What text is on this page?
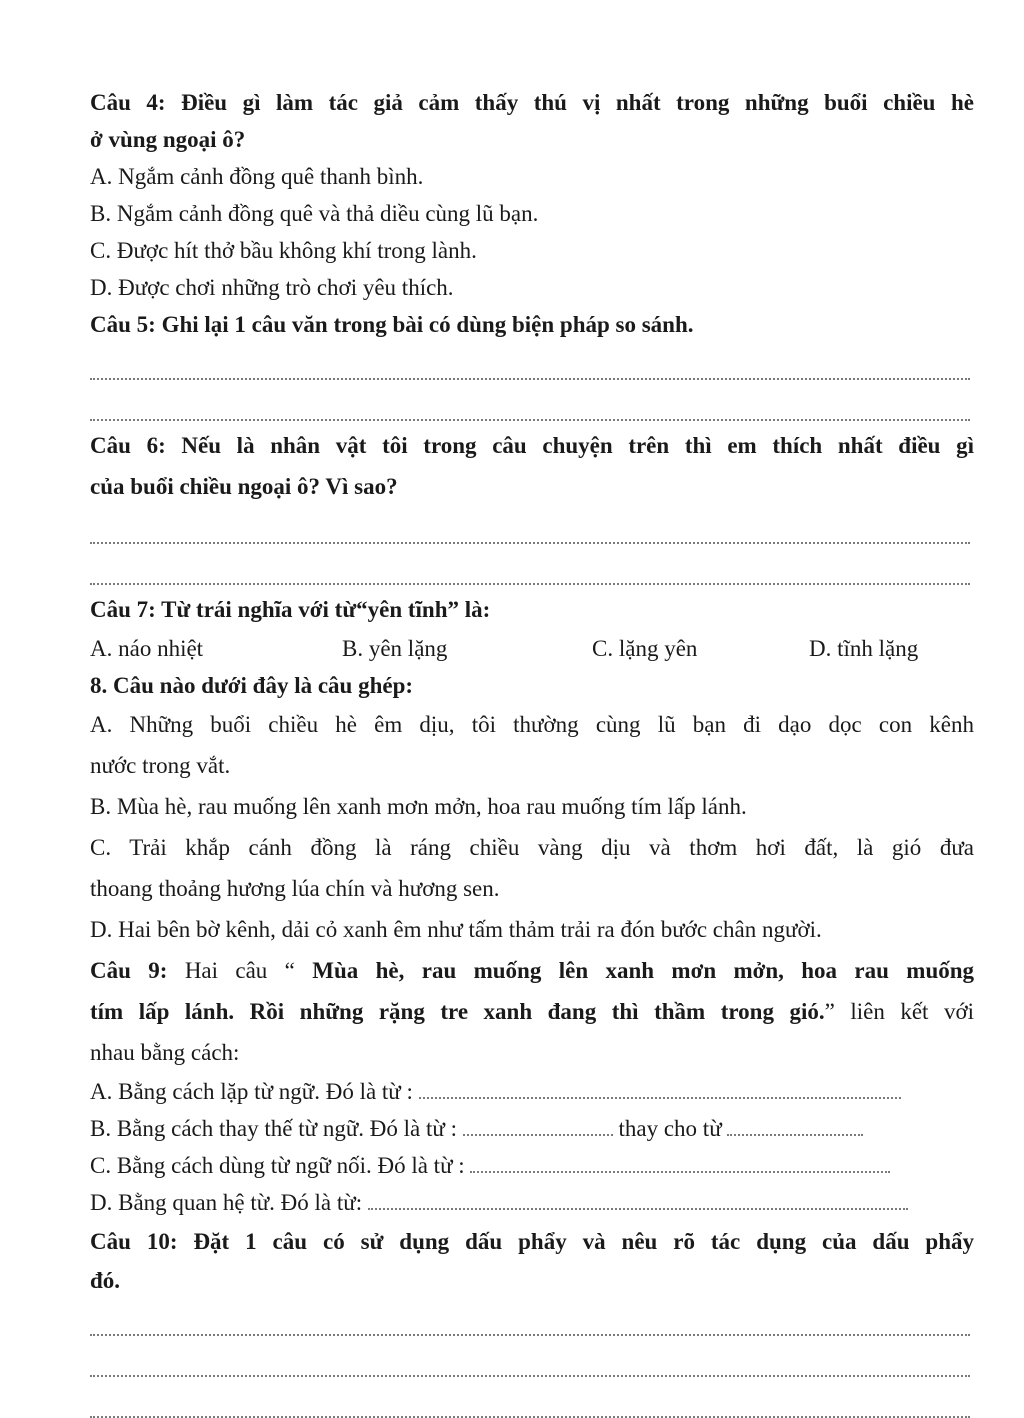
Câu 4: Điều gì làm tác giả cảm thấy thú vị nhất trong những buổi chiều hè
ở vùng ngoại ô?
A. Ngắm cảnh đồng quê thanh bình.
B. Ngắm cảnh đồng quê và thả diều cùng lũ bạn.
C. Được hít thở bầu không khí trong lành.
D. Được chơi những trò chơi yêu thích.
Câu 5: Ghi lại 1 câu văn trong bài có dùng biện pháp so sánh.
Câu 6: Nếu là nhân vật tôi trong câu chuyện trên thì em thích nhất điều gì
của buổi chiều ngoại ô? Vì sao?
Câu 7: Từ trái nghĩa với từ“yên tĩnh” là:
A. náo nhiệt	B. yên lặng	C. lặng yên	D. tĩnh lặng
8. Câu nào dưới đây là câu ghép:
A. Những buổi chiều hè êm dịu, tôi thường cùng lũ bạn đi dạo dọc con kênh
nước trong vắt.
B. Mùa hè, rau muống lên xanh mơn mởn, hoa rau muống tím lấp lánh.
C. Trải khắp cánh đồng là ráng chiều vàng dịu và thơm hơi đất, là gió đưa
thoang thoảng hương lúa chín và hương sen.
D. Hai bên bờ kênh, dải cỏ xanh êm như tấm thảm trải ra đón bước chân người.
Câu 9: Hai câu “ Mùa hè, rau muống lên xanh mơn mởn, hoa rau muống
tím lấp lánh. Rồi những rặng tre xanh đang thì thầm trong gió.” liên kết với
nhau bằng cách:
A. Bằng cách lặp từ ngữ. Đó là từ :
B. Bằng cách thay thế từ ngữ. Đó là từ :	thay cho từ
C. Bằng cách dùng từ ngữ nối. Đó là từ :
D. Bằng quan hệ từ. Đó là từ:
Câu 10: Đặt 1 câu có sử dụng dấu phẩy và nêu rõ tác dụng của dấu phẩy
đó.
